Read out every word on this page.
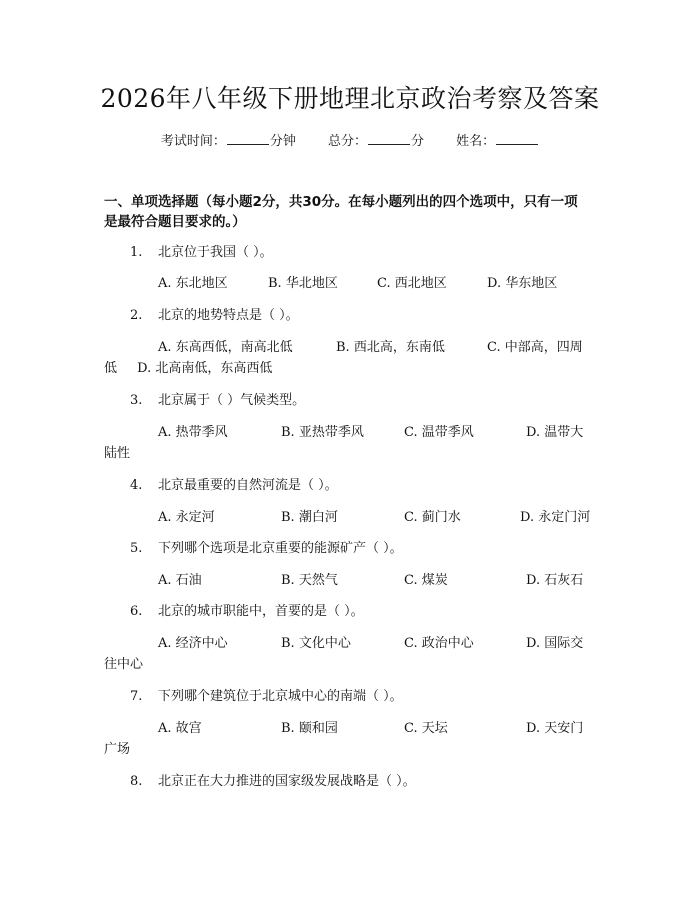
2026年八年级下册地理北京政治考察及答案
考试时间：	分钟 总分：	分 姓名：
一、单项选择题（每小题2分，共30分。在每小题列出的四个选项中，只有一项
是最符合题目要求的。）
1. 北京位于我国（ ）。
A. 东北地区	B. 华北地区	C. 西北地区	D. 华东地区
2. 北京的地势特点是（ ）。
A. 东高西低，南高北低	B. 西北高，东南低	C. 中部高，四周
低 D. 北高南低，东高西低
3. 北京属于（ ）气候类型。
A. 热带季风	B. 亚热带季风	C. 温带季风	D. 温带大
陆性
4. 北京最重要的自然河流是（ ）。
A. 永定河	B. 潮白河	C. 蓟门水	D. 永定门河
5. 下列哪个选项是北京重要的能源矿产（ ）。
A. 石油	B. 天然气	C. 煤炭	D. 石灰石
6. 北京的城市职能中，首要的是（ ）。
A. 经济中心	B. 文化中心	C. 政治中心	D. 国际交
往中心
7. 下列哪个建筑位于北京城中心的南端（ ）。
A. 故宫	B. 颐和园	C. 天坛	D. 天安门
广场
8. 北京正在大力推进的国家级发展战略是（ ）。
